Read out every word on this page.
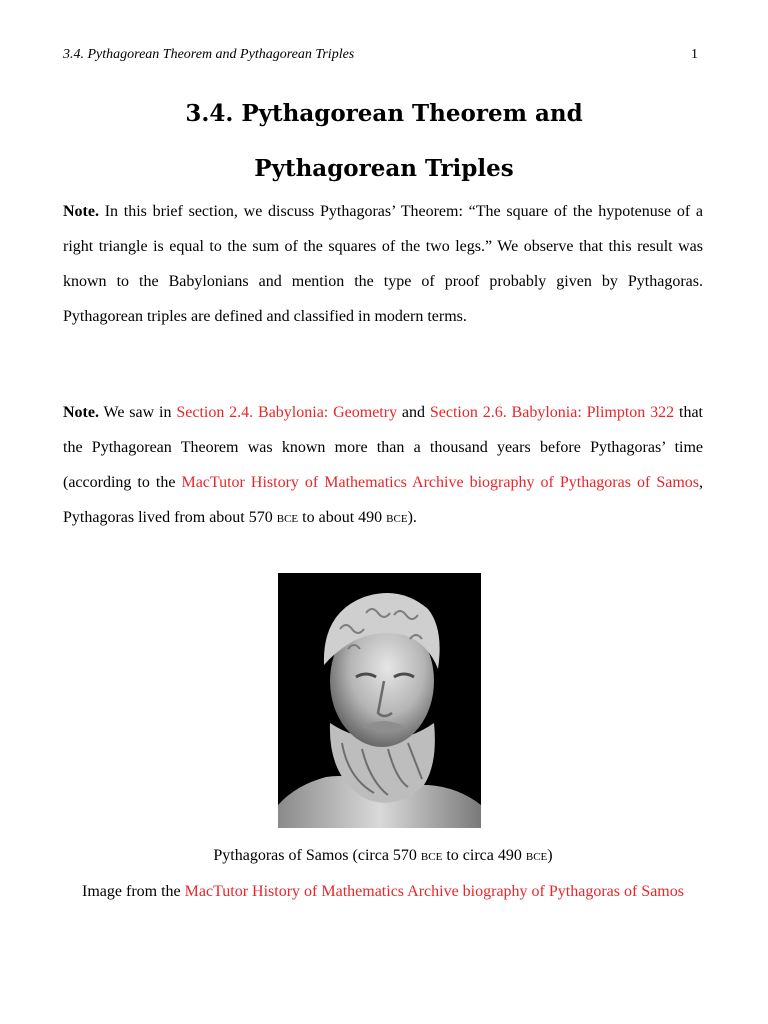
3.4. Pythagorean Theorem and Pythagorean Triples	1
3.4. Pythagorean Theorem and
Pythagorean Triples
Note. In this brief section, we discuss Pythagoras’ Theorem: “The square of the hypotenuse of a right triangle is equal to the sum of the squares of the two legs.” We observe that this result was known to the Babylonians and mention the type of proof probably given by Pythagoras. Pythagorean triples are defined and classified in modern terms.
Note. We saw in Section 2.4. Babylonia: Geometry and Section 2.6. Babylonia: Plimpton 322 that the Pythagorean Theorem was known more than a thousand years before Pythagoras’ time (according to the MacTutor History of Mathematics Archive biography of Pythagoras of Samos, Pythagoras lived from about 570 bce to about 490 bce).
Pythagoras of Samos (circa 570 bce to circa 490 bce)
Image from the MacTutor History of Mathematics Archive biography of Pythagoras of Samos
